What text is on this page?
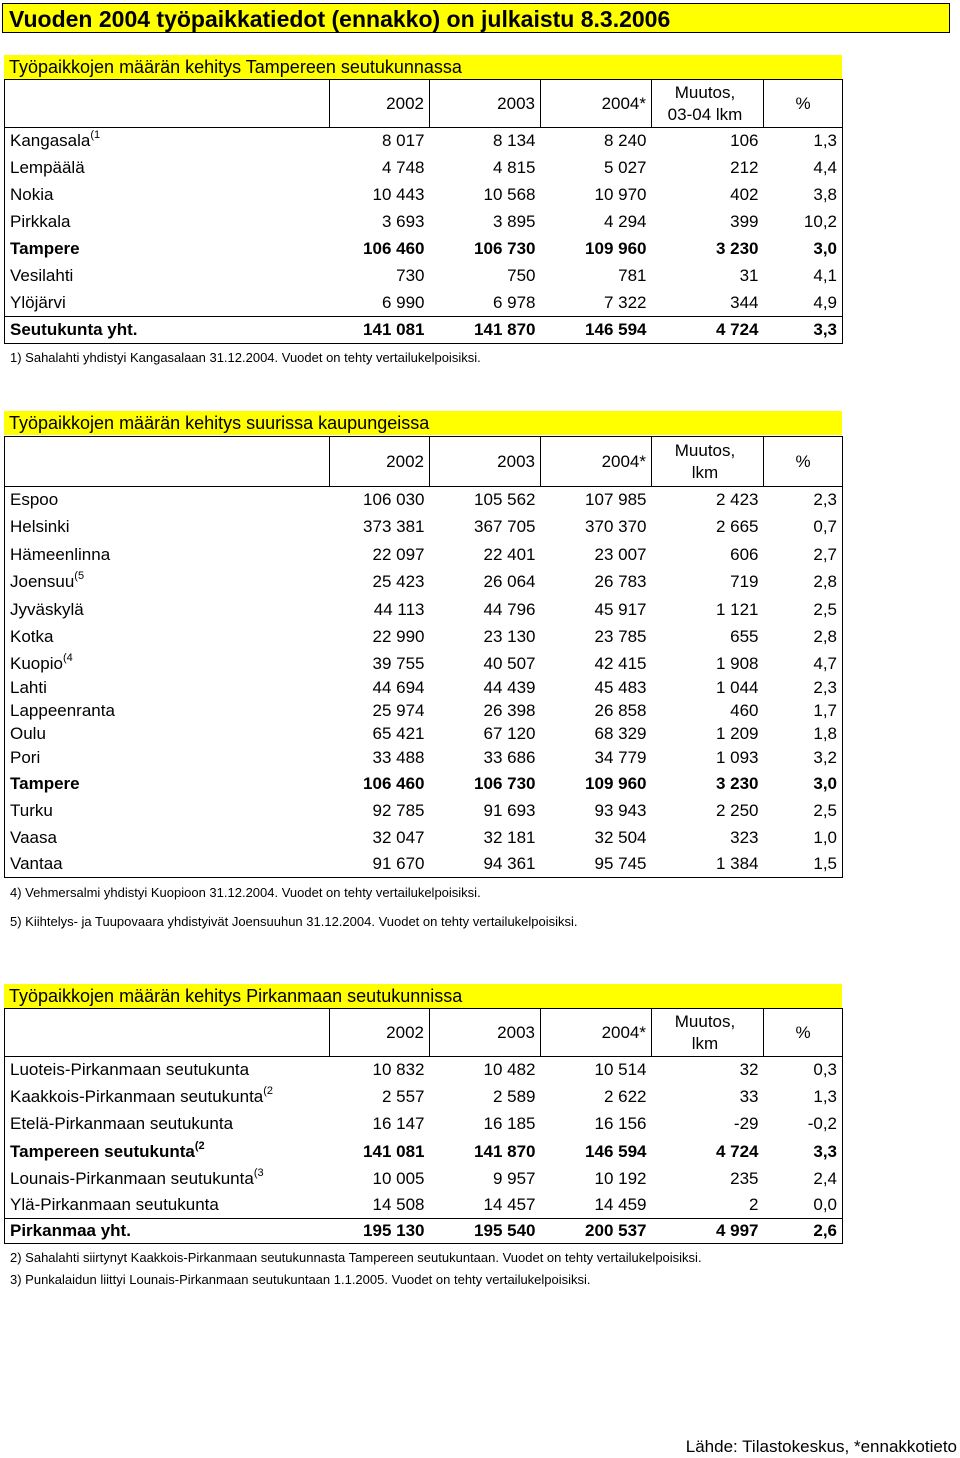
Vuoden 2004 työpaikkatiedot (ennakko) on julkaistu 8.3.2006
Työpaikkojen määrän kehitys Tampereen seutukunnassa
	2002	2003	2004*	Muutos,
03-04 lkm	%
Kangasala$^{(1}$	8 017	8 134	8 240	106	1,3
Lempäälä	4 748	4 815	5 027	212	4,4
Nokia	10 443	10 568	10 970	402	3,8
Pirkkala	3 693	3 895	4 294	399	10,2
Tampere	106 460	106 730	109 960	3 230	3,0
Vesilahti	730	750	781	31	4,1
Ylöjärvi	6 990	6 978	7 322	344	4,9
Seutukunta yht.	141 081	141 870	146 594	4 724	3,3
1) Sahalahti yhdistyi Kangasalaan 31.12.2004. Vuodet on tehty vertailukelpoisiksi.
Työpaikkojen määrän kehitys suurissa kaupungeissa
	2002	2003	2004*	Muutos,
lkm	%
Espoo	106 030	105 562	107 985	2 423	2,3
Helsinki	373 381	367 705	370 370	2 665	0,7
Hämeenlinna	22 097	22 401	23 007	606	2,7
Joensuu$^{(5}$	25 423	26 064	26 783	719	2,8
Jyväskylä	44 113	44 796	45 917	1 121	2,5
Kotka	22 990	23 130	23 785	655	2,8
Kuopio$^{(4}$	39 755	40 507	42 415	1 908	4,7
Lahti	44 694	44 439	45 483	1 044	2,3
Lappeenranta	25 974	26 398	26 858	460	1,7
Oulu	65 421	67 120	68 329	1 209	1,8
Pori	33 488	33 686	34 779	1 093	3,2
Tampere	106 460	106 730	109 960	3 230	3,0
Turku	92 785	91 693	93 943	2 250	2,5
Vaasa	32 047	32 181	32 504	323	1,0
Vantaa	91 670	94 361	95 745	1 384	1,5
4) Vehmersalmi yhdistyi Kuopioon 31.12.2004. Vuodet on tehty vertailukelpoisiksi.
5) Kiihtelys- ja Tuupovaara yhdistyivät Joensuuhun 31.12.2004. Vuodet on tehty vertailukelpoisiksi.
Työpaikkojen määrän kehitys Pirkanmaan seutukunnissa
	2002	2003	2004*	Muutos,
lkm	%
Luoteis-Pirkanmaan seutukunta	10 832	10 482	10 514	32	0,3
Kaakkois-Pirkanmaan seutukunta$^{(2}$	2 557	2 589	2 622	33	1,3
Etelä-Pirkanmaan seutukunta	16 147	16 185	16 156	-29	-0,2
Tampereen seutukunta$^{(2}$	141 081	141 870	146 594	4 724	3,3
Lounais-Pirkanmaan seutukunta$^{(3}$	10 005	9 957	10 192	235	2,4
Ylä-Pirkanmaan seutukunta	14 508	14 457	14 459	2	0,0
Pirkanmaa yht.	195 130	195 540	200 537	4 997	2,6
2) Sahalahti siirtynyt Kaakkois-Pirkanmaan seutukunnasta Tampereen seutukuntaan. Vuodet on tehty vertailukelpoisiksi.
3) Punkalaidun liittyi Lounais-Pirkanmaan seutukuntaan 1.1.2005. Vuodet on tehty vertailukelpoisiksi.
Lähde: Tilastokeskus, *ennakkotieto
